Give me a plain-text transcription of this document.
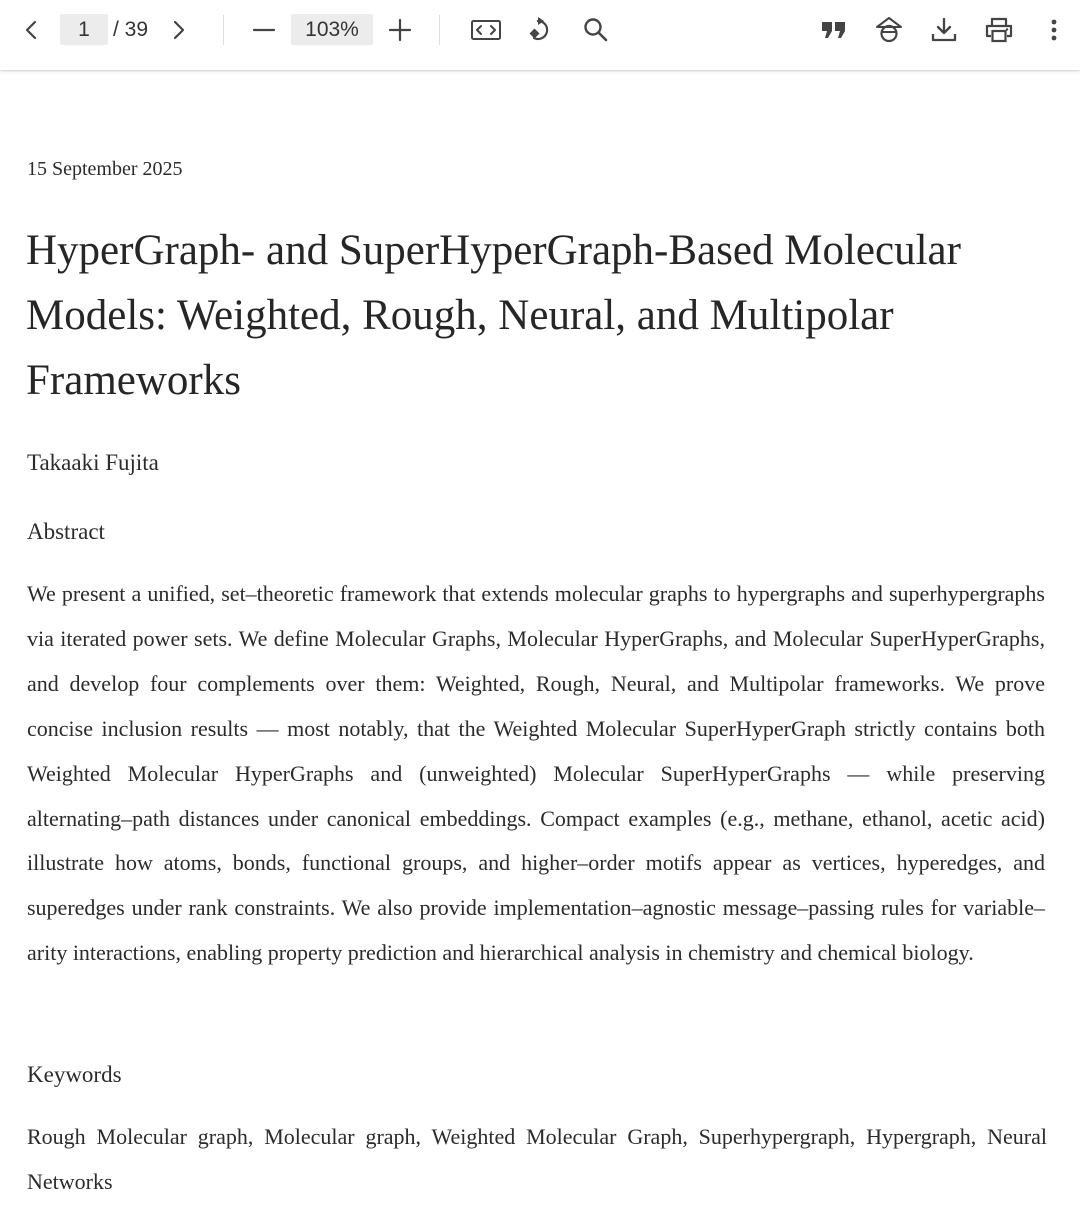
1	/ 39	103%
15 September 2025
HyperGraph- and SuperHyperGraph-Based Molecular Models: Weighted, Rough, Neural, and Multipolar Frameworks
Takaaki Fujita
Abstract
We present a unified, set–theoretic framework that extends molecular graphs to hypergraphs and superhypergraphs via iterated power sets. We define Molecular Graphs, Molecular HyperGraphs, and Molecular SuperHyperGraphs, and develop four complements over them: Weighted, Rough, Neural, and Multipolar frameworks. We prove concise inclusion results — most notably, that the Weighted Molecular SuperHyperGraph strictly contains both Weighted Molecular HyperGraphs and (unweighted) Molecular SuperHyperGraphs — while preserving alternating–path distances under canonical embeddings. Compact examples (e.g., methane, ethanol, acetic acid) illustrate how atoms, bonds, functional groups, and higher–order motifs appear as vertices, hyperedges, and superedges under rank constraints. We also provide implementation–agnostic message–passing rules for variable–arity interactions, enabling property prediction and hierarchical analysis in chemistry and chemical biology.
Keywords
Rough Molecular graph, Molecular graph, Weighted Molecular Graph, Superhypergraph, Hypergraph, Neural Networks
